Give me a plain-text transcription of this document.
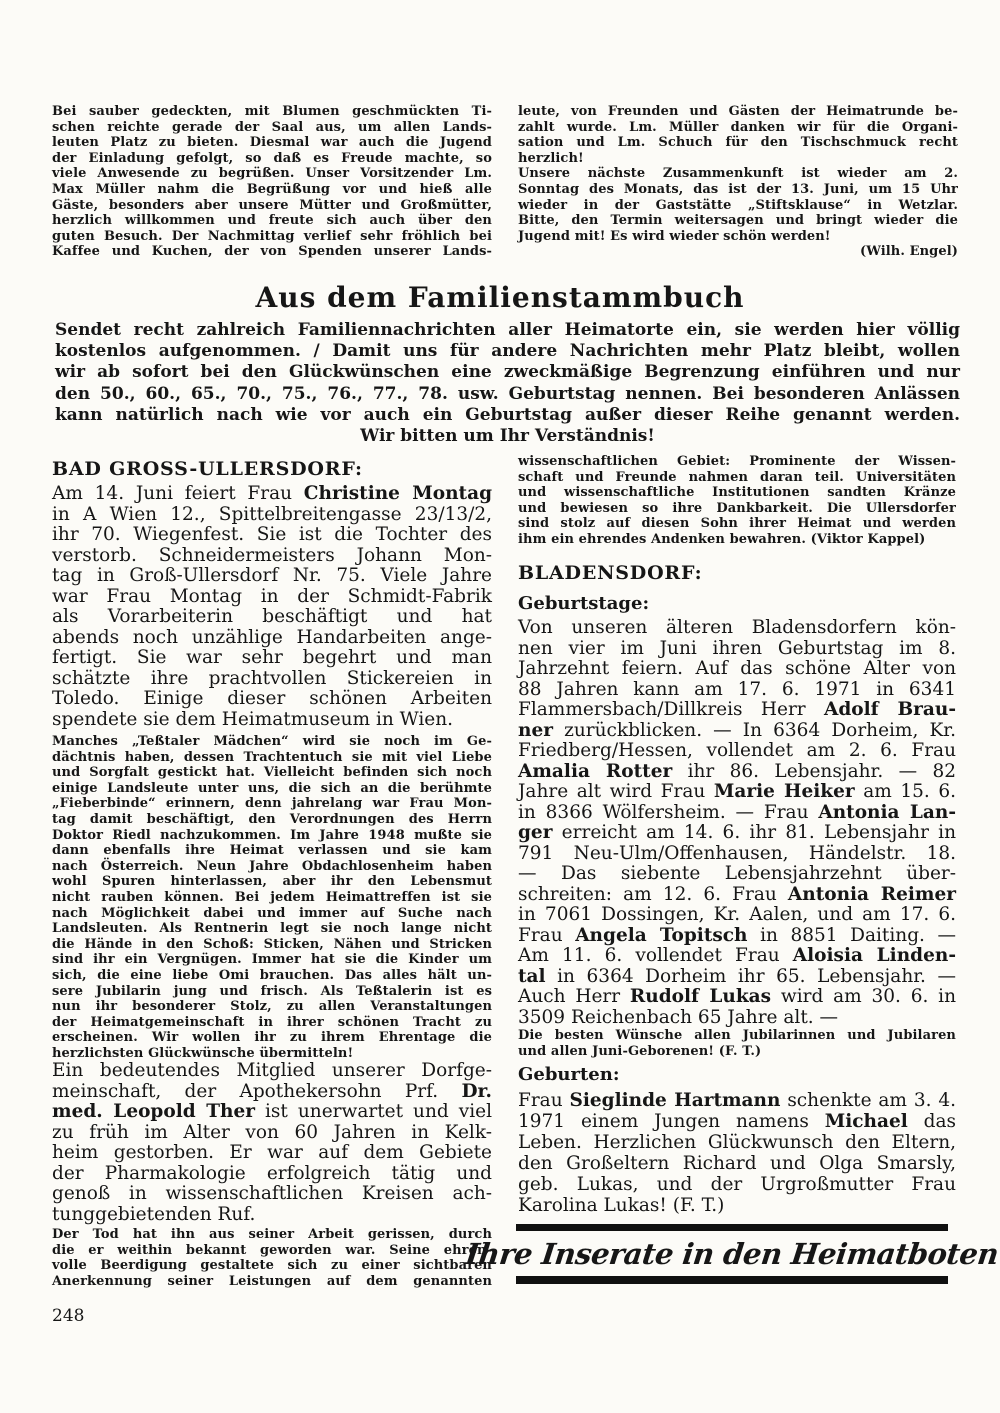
Bei sauber gedeckten, mit Blumen geschmückten Ti-
schen reichte gerade der Saal aus, um allen Lands-
leuten Platz zu bieten. Diesmal war auch die Jugend
der Einladung gefolgt, so daß es Freude machte, so
viele Anwesende zu begrüßen. Unser Vorsitzender Lm.
Max Müller nahm die Begrüßung vor und hieß alle
Gäste, besonders aber unsere Mütter und Großmütter,
herzlich willkommen und freute sich auch über den
guten Besuch. Der Nachmittag verlief sehr fröhlich bei
Kaffee und Kuchen, der von Spenden unserer Lands-
leute, von Freunden und Gästen der Heimatrunde be-
zahlt wurde. Lm. Müller danken wir für die Organi-
sation und Lm. Schuch für den Tischschmuck recht
herzlich!
Unsere nächste Zusammenkunft ist wieder am 2.
Sonntag des Monats, das ist der 13. Juni, um 15 Uhr
wieder in der Gaststätte „Stiftsklause“ in Wetzlar.
Bitte, den Termin weitersagen und bringt wieder die
Jugend mit! Es wird wieder schön werden!
(Wilh. Engel)
Aus dem Familienstammbuch
Sendet recht zahlreich Familiennachrichten aller Heimatorte ein, sie werden hier völlig
kostenlos aufgenommen. / Damit uns für andere Nachrichten mehr Platz bleibt, wollen
wir ab sofort bei den Glückwünschen eine zweckmäßige Begrenzung einführen und nur
den 50., 60., 65., 70., 75., 76., 77., 78. usw. Geburtstag nennen. Bei besonderen Anlässen
kann natürlich nach wie vor auch ein Geburtstag außer dieser Reihe genannt werden.
Wir bitten um Ihr Verständnis!
BAD GROSS-ULLERSDORF:
Am 14. Juni feiert Frau Christine Montag
in A Wien 12., Spittelbreitengasse 23/13/2,
ihr 70. Wiegenfest. Sie ist die Tochter des
verstorb. Schneidermeisters Johann Mon-
tag in Groß-Ullersdorf Nr. 75. Viele Jahre
war Frau Montag in der Schmidt-Fabrik
als Vorarbeiterin beschäftigt und hat
abends noch unzählige Handarbeiten ange-
fertigt. Sie war sehr begehrt und man
schätzte ihre prachtvollen Stickereien in
Toledo. Einige dieser schönen Arbeiten
spendete sie dem Heimatmuseum in Wien.
Manches „Teßtaler Mädchen“ wird sie noch im Ge-
dächtnis haben, dessen Trachtentuch sie mit viel Liebe
und Sorgfalt gestickt hat. Vielleicht befinden sich noch
einige Landsleute unter uns, die sich an die berühmte
„Fieberbinde“ erinnern, denn jahrelang war Frau Mon-
tag damit beschäftigt, den Verordnungen des Herrn
Doktor Riedl nachzukommen. Im Jahre 1948 mußte sie
dann ebenfalls ihre Heimat verlassen und sie kam
nach Österreich. Neun Jahre Obdachlosenheim haben
wohl Spuren hinterlassen, aber ihr den Lebensmut
nicht rauben können. Bei jedem Heimattreffen ist sie
nach Möglichkeit dabei und immer auf Suche nach
Landsleuten. Als Rentnerin legt sie noch lange nicht
die Hände in den Schoß: Sticken, Nähen und Stricken
sind ihr ein Vergnügen. Immer hat sie die Kinder um
sich, die eine liebe Omi brauchen. Das alles hält un-
sere Jubilarin jung und frisch. Als Teßtalerin ist es
nun ihr besonderer Stolz, zu allen Veranstaltungen
der Heimatgemeinschaft in ihrer schönen Tracht zu
erscheinen. Wir wollen ihr zu ihrem Ehrentage die
herzlichsten Glückwünsche übermitteln!
Ein bedeutendes Mitglied unserer Dorfge-
meinschaft, der Apothekersohn Prf. Dr.
med. Leopold Ther ist unerwartet und viel
zu früh im Alter von 60 Jahren in Kelk-
heim gestorben. Er war auf dem Gebiete
der Pharmakologie erfolgreich tätig und
genoß in wissenschaftlichen Kreisen ach-
tunggebietenden Ruf.
Der Tod hat ihn aus seiner Arbeit gerissen, durch
die er weithin bekannt geworden war. Seine ehren-
volle Beerdigung gestaltete sich zu einer sichtbaren
Anerkennung seiner Leistungen auf dem genannten
248
wissenschaftlichen Gebiet: Prominente der Wissen-
schaft und Freunde nahmen daran teil. Universitäten
und wissenschaftliche Institutionen sandten Kränze
und bewiesen so ihre Dankbarkeit. Die Ullersdorfer
sind stolz auf diesen Sohn ihrer Heimat und werden
ihm ein ehrendes Andenken bewahren. (Viktor Kappel)
BLADENSDORF:
Geburtstage:
Von unseren älteren Bladensdorfern kön-
nen vier im Juni ihren Geburtstag im 8.
Jahrzehnt feiern. Auf das schöne Alter von
88 Jahren kann am 17. 6. 1971 in 6341
Flammersbach/Dillkreis Herr Adolf Brau-
ner zurückblicken. — In 6364 Dorheim, Kr.
Friedberg/Hessen, vollendet am 2. 6. Frau
Amalia Rotter ihr 86. Lebensjahr. — 82
Jahre alt wird Frau Marie Heiker am 15. 6.
in 8366 Wölfersheim. — Frau Antonia Lan-
ger erreicht am 14. 6. ihr 81. Lebensjahr in
791 Neu-Ulm/Offenhausen, Händelstr. 18.
— Das siebente Lebensjahrzehnt über-
schreiten: am 12. 6. Frau Antonia Reimer
in 7061 Dossingen, Kr. Aalen, und am 17. 6.
Frau Angela Topitsch in 8851 Daiting. —
Am 11. 6. vollendet Frau Aloisia Linden-
tal in 6364 Dorheim ihr 65. Lebensjahr. —
Auch Herr Rudolf Lukas wird am 30. 6. in
3509 Reichenbach 65 Jahre alt. —
Die besten Wünsche allen Jubilarinnen und Jubilaren
und allen Juni-Geborenen! (F. T.)
Geburten:
Frau Sieglinde Hartmann schenkte am 3. 4.
1971 einem Jungen namens Michael das
Leben. Herzlichen Glückwunsch den Eltern,
den Großeltern Richard und Olga Smarsly,
geb. Lukas, und der Urgroßmutter Frau
Karolina Lukas! (F. T.)
Ihre Inserate in den Heimatboten
